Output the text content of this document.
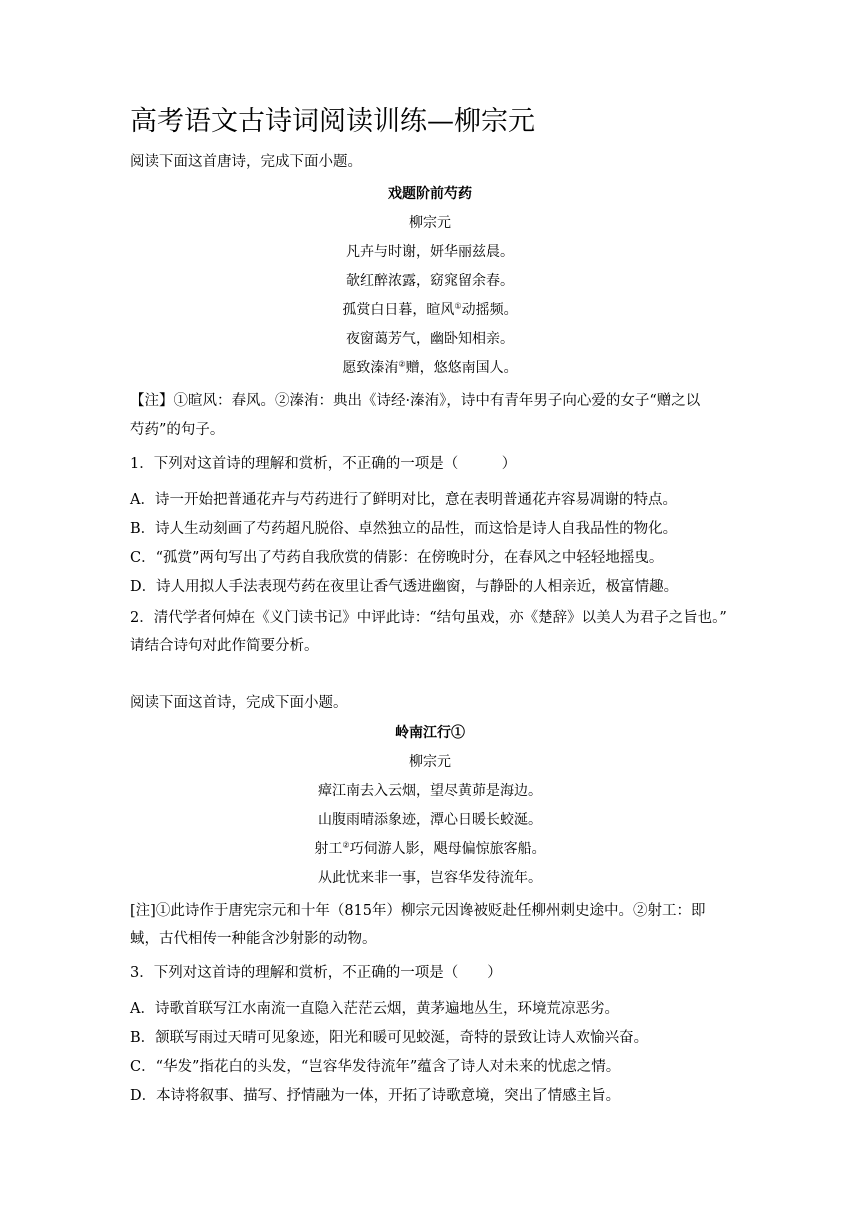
高考语文古诗词阅读训练—柳宗元
阅读下面这首唐诗，完成下面小题。
戏题阶前芍药
柳宗元
凡卉与时谢，妍华丽兹晨。
欹红醉浓露，窈窕留余春。
孤赏白日暮，暄风①动摇频。
夜窗蔼芳气，幽卧知相亲。
愿致溱洧②赠，悠悠南国人。
【注】①暄风：春风。②溱洧：典出《诗经·溱洧》，诗中有青年男子向心爱的女子“赠之以
芍药”的句子。
1．下列对这首诗的理解和赏析，不正确的一项是（　　　）
A．诗一开始把普通花卉与芍药进行了鲜明对比，意在表明普通花卉容易凋谢的特点。
B．诗人生动刻画了芍药超凡脱俗、卓然独立的品性，而这恰是诗人自我品性的物化。
C．“孤赏”两句写出了芍药自我欣赏的倩影：在傍晚时分，在春风之中轻轻地摇曳。
D．诗人用拟人手法表现芍药在夜里让香气透进幽窗，与静卧的人相亲近，极富情趣。
2．清代学者何焯在《义门读书记》中评此诗：“结句虽戏，亦《楚辞》以美人为君子之旨也。”
请结合诗句对此作简要分析。
阅读下面这首诗，完成下面小题。
岭南江行①
柳宗元
瘴江南去入云烟，望尽黄茆是海边。
山腹雨晴添象迹，潭心日暖长蛟涎。
射工②巧伺游人影，飓母偏惊旅客船。
从此忧来非一事，岂容华发待流年。
[注]①此诗作于唐宪宗元和十年（815年）柳宗元因谗被贬赴任柳州刺史途中。②射工：即
蜮，古代相传一种能含沙射影的动物。
3．下列对这首诗的理解和赏析，不正确的一项是（　　）
A．诗歌首联写江水南流一直隐入茫茫云烟，黄茅遍地丛生，环境荒凉恶劣。
B．颔联写雨过天晴可见象迹，阳光和暖可见蛟涎，奇特的景致让诗人欢愉兴奋。
C．“华发”指花白的头发，“岂容华发待流年”蕴含了诗人对未来的忧虑之情。
D．本诗将叙事、描写、抒情融为一体，开拓了诗歌意境，突出了情感主旨。
